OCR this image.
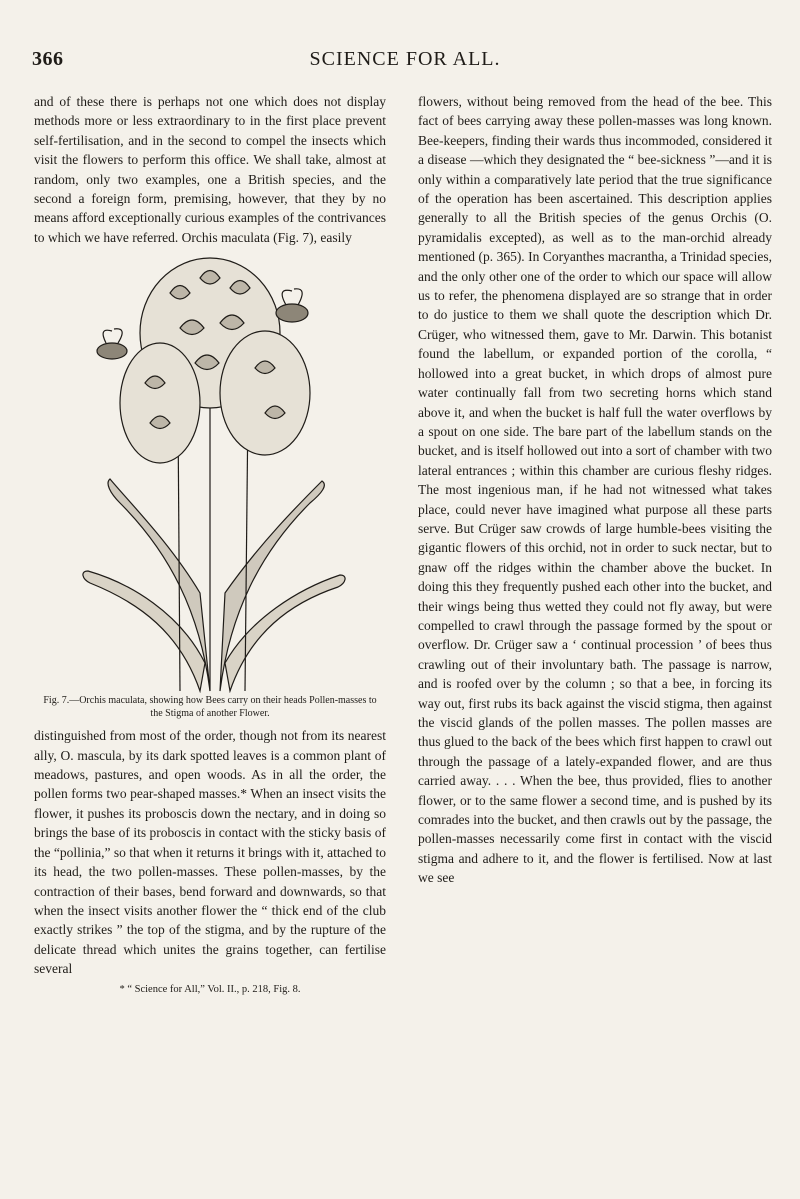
366	SCIENCE FOR ALL.

and of these there is perhaps not one which does not display methods more or less extraordinary to in the first place prevent self-fertilisation, and in the second to compel the insects which visit the flowers to perform this office. We shall take, almost at random, only two examples, one a British species, and the second a foreign form, premising, however, that they by no means afford exceptionally curious examples of the contrivances to which we have referred. Orchis maculata (Fig. 7), easily

Fig. 7.—Orchis maculata, showing how Bees carry on their heads Pollen-masses to the Stigma of another Flower.

distinguished from most of the order, though not from its nearest ally, O. mascula, by its dark spotted leaves is a common plant of meadows, pastures, and open woods. As in all the order, the pollen forms two pear-shaped masses.* When an insect visits the flower, it pushes its proboscis down the nectary, and in doing so brings the base of its proboscis in contact with the sticky basis of the “pollinia,” so that when it returns it brings with it, attached to its head, the two pollen-masses. These pollen-masses, by the contraction of their bases, bend forward and downwards, so that when the insect visits another flower the “ thick end of the club exactly strikes ” the top of the stigma, and by the rupture of the delicate thread which unites the grains together, can fertilise several

* “ Science for All,” Vol. II., p. 218, Fig. 8.

flowers, without being removed from the head of the bee. This fact of bees carrying away these pollen-masses was long known. Bee-keepers, finding their wards thus incommoded, considered it a disease —which they designated the “ bee-sickness ”—and it is only within a comparatively late period that the true significance of the operation has been ascertained. This description applies generally to all the British species of the genus Orchis (O. pyramidalis excepted), as well as to the man-orchid already mentioned (p. 365). In Coryanthes macrantha, a Trinidad species, and the only other one of the order to which our space will allow us to refer, the phenomena displayed are so strange that in order to do justice to them we shall quote the description which Dr. Crüger, who witnessed them, gave to Mr. Darwin. This botanist found the labellum, or expanded portion of the corolla, “ hollowed into a great bucket, in which drops of almost pure water continually fall from two secreting horns which stand above it, and when the bucket is half full the water overflows by a spout on one side. The bare part of the labellum stands on the bucket, and is itself hollowed out into a sort of chamber with two lateral entrances ; within this chamber are curious fleshy ridges. The most ingenious man, if he had not witnessed what takes place, could never have imagined what purpose all these parts serve. But Crüger saw crowds of large humble-bees visiting the gigantic flowers of this orchid, not in order to suck nectar, but to gnaw off the ridges within the chamber above the bucket. In doing this they frequently pushed each other into the bucket, and their wings being thus wetted they could not fly away, but were compelled to crawl through the passage formed by the spout or overflow. Dr. Crüger saw a ‘ continual procession ’ of bees thus crawling out of their involuntary bath. The passage is narrow, and is roofed over by the column ; so that a bee, in forcing its way out, first rubs its back against the viscid stigma, then against the viscid glands of the pollen masses. The pollen masses are thus glued to the back of the bees which first happen to crawl out through the passage of a lately-expanded flower, and are thus carried away. . . . When the bee, thus provided, flies to another flower, or to the same flower a second time, and is pushed by its comrades into the bucket, and then crawls out by the passage, the pollen-masses necessarily come first in contact with the viscid stigma and adhere to it, and the flower is fertilised. Now at last we see
